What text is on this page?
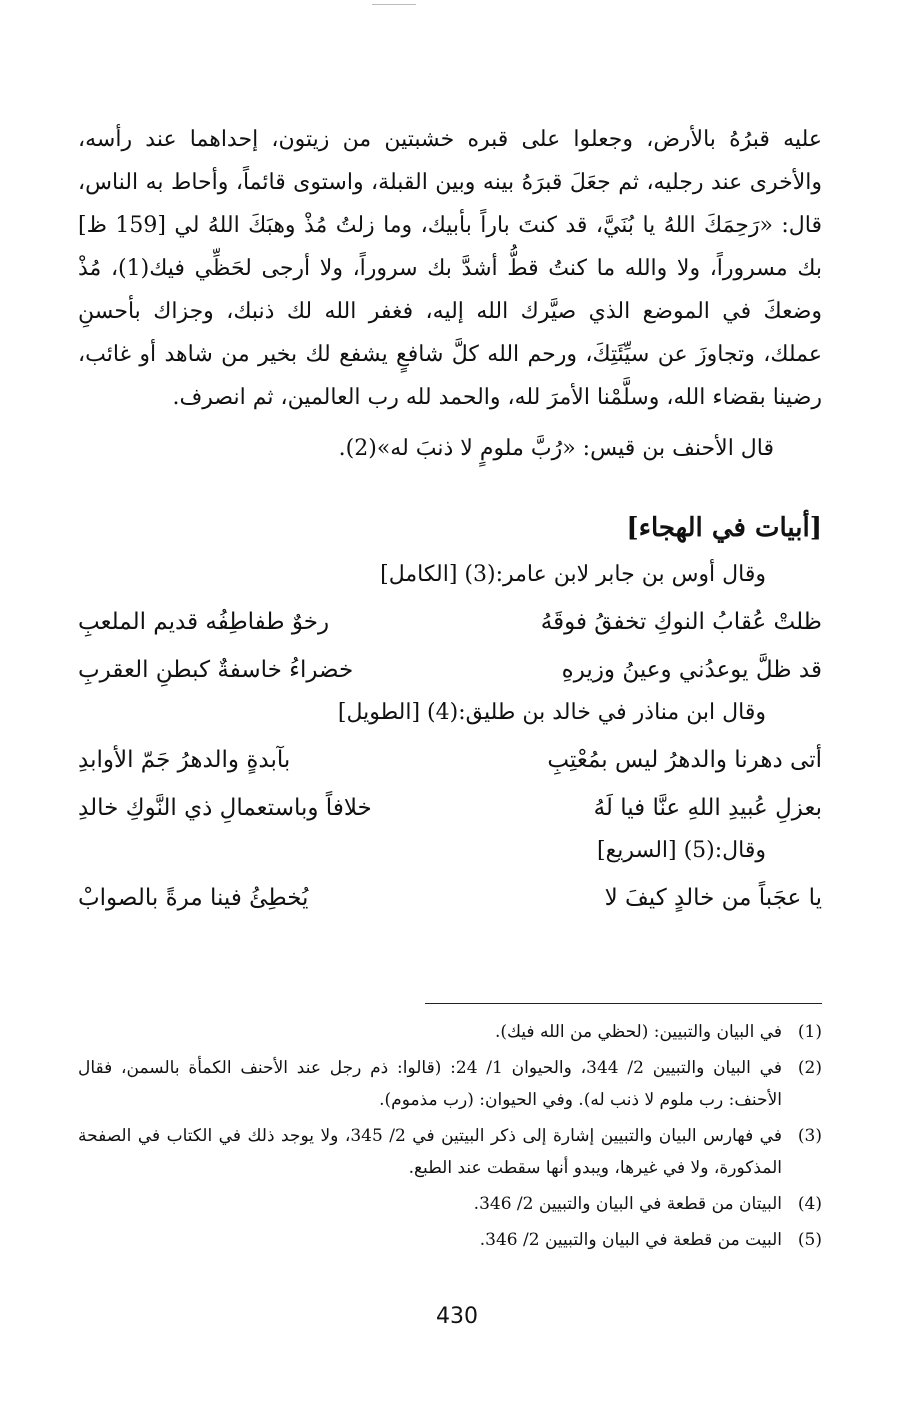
عليه قبرُهُ بالأرض، وجعلوا على قبره خشبتين من زيتون، إحداهما عند رأسه، والأخرى عند رجليه، ثم جعَلَ قبرَهُ بينه وبين القبلة، واستوى قائماً، وأحاط به الناس، قال: «رَحِمَكَ اللهُ يا بُنَيَّ، قد كنتَ باراً بأبيك، وما زلتُ مُذْ وهبَكَ اللهُ لي [159 ظ] بك مسروراً، ولا والله ما كنتُ قطُّ أشدَّ بك سروراً، ولا أرجى لحَظِّي فيك(1)، مُذْ وضعكَ في الموضع الذي صيَّرك الله إليه، فغفر الله لك ذنبك، وجزاك بأحسنِ عملك، وتجاوزَ عن سيِّئَتِكَ، ورحم الله كلَّ شافعٍ يشفع لك بخير من شاهد أو غائب، رضينا بقضاء الله، وسلَّمْنا الأمرَ لله، والحمد لله رب العالمين، ثم انصرف.

قال الأحنف بن قيس: «رُبَّ ملومٍ لا ذنبَ له»(2).

[أبيات في الهجاء]

وقال أوس بن جابر لابن عامر:(3) [الكامل]

ظلتْ عُقابُ النوكِ تخفقُ فوقَهُ
رخوٌ طفاطِفُه قديم الملعبِ
قد ظلَّ يوعدُني وعينُ وزيرهِ
خضراءُ خاسفةٌ كبطنِ العقربِ

وقال ابن مناذر في خالد بن طليق:(4) [الطويل]

أتى دهرنا والدهرُ ليس بمُعْتِبِ
بآبدةٍ والدهرُ جَمّ الأوابدِ
بعزلِ عُبيدِ اللهِ عنَّا فيا لَهُ
خلافاً وباستعمالِ ذي النَّوكِ خالدِ

وقال:(5) [السريع]

يا عجَباً من خالدٍ كيفَ لا
يُخطِئُ فينا مرةً بالصوابْ
(1)
في البيان والتبيين: (لحظي من الله فيك).
(2)
في البيان والتبيين 2/ 344، والحيوان 1/ 24: (قالوا: ذم رجل عند الأحنف الكمأة بالسمن، فقال الأحنف: رب ملوم لا ذنب له). وفي الحيوان: (رب مذموم).
(3)
في فهارس البيان والتبيين إشارة إلى ذكر البيتين في 2/ 345، ولا يوجد ذلك في الكتاب في الصفحة المذكورة، ولا في غيرها، ويبدو أنها سقطت عند الطبع.
(4)
البيتان من قطعة في البيان والتبيين 2/ 346.
(5)
البيت من قطعة في البيان والتبيين 2/ 346.
430
